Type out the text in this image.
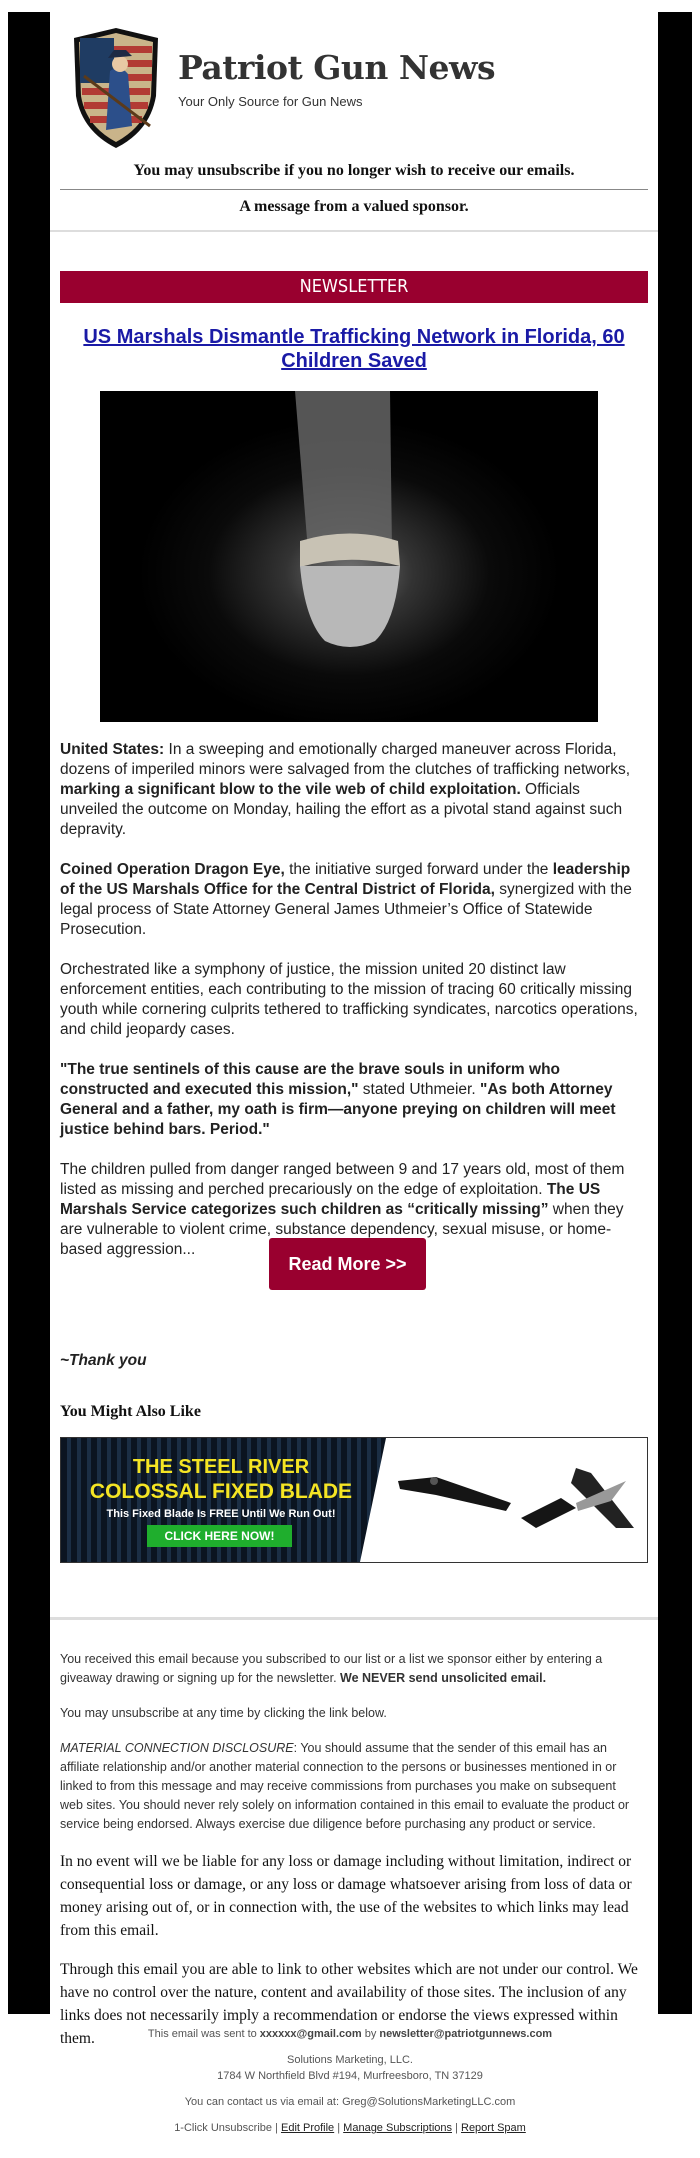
Patriot Gun News
Your Only Source for Gun News
You may unsubscribe if you no longer wish to receive our emails.
A message from a valued sponsor.
NEWSLETTER
US Marshals Dismantle Trafficking Network in Florida, 60 Children Saved

United States: In a sweeping and emotionally charged maneuver across Florida, dozens of imperiled minors were salvaged from the clutches of trafficking networks, marking a significant blow to the vile web of child exploitation. Officials unveiled the outcome on Monday, hailing the effort as a pivotal stand against such depravity.

Coined Operation Dragon Eye, the initiative surged forward under the leadership of the US Marshals Office for the Central District of Florida, synergized with the legal process of State Attorney General James Uthmeier’s Office of Statewide Prosecution.

Orchestrated like a symphony of justice, the mission united 20 distinct law enforcement entities, each contributing to the mission of tracing 60 critically missing youth while cornering culprits tethered to trafficking syndicates, narcotics operations, and child jeopardy cases.

"The true sentinels of this cause are the brave souls in uniform who constructed and executed this mission," stated Uthmeier. "As both Attorney General and a father, my oath is firm—anyone preying on children will meet justice behind bars. Period."

The children pulled from danger ranged between 9 and 17 years old, most of them listed as missing and perched precariously on the edge of exploitation. The US Marshals Service categorizes such children as “critically missing” when they are vulnerable to violent crime, substance dependency, sexual misuse, or home-based aggression...

Read More >>
~Thank you
You Might Also Like
THE STEEL RIVER
COLOSSAL FIXED BLADE
This Fixed Blade Is FREE Until We Run Out!
CLICK HERE NOW!

You received this email because you subscribed to our list or a list we sponsor either by entering a giveaway drawing or signing up for the newsletter. We NEVER send unsolicited email.

You may unsubscribe at any time by clicking the link below.

MATERIAL CONNECTION DISCLOSURE: You should assume that the sender of this email has an affiliate relationship and/or another material connection to the persons or businesses mentioned in or linked to from this message and may receive commissions from purchases you make on subsequent web sites. You should never rely solely on information contained in this email to evaluate the product or service being endorsed. Always exercise due diligence before purchasing any product or service.

In no event will we be liable for any loss or damage including without limitation, indirect or consequential loss or damage, or any loss or damage whatsoever arising from loss of data or money arising out of, or in connection with, the use of the websites to which links may lead from this email.

Through this email you are able to link to other websites which are not under our control. We have no control over the nature, content and availability of those sites. The inclusion of any links does not necessarily imply a recommendation or endorse the views expressed within them.	This email was sent to xxxxxx@gmail.com by newsletter@patriotgunnews.com

Solutions Marketing, LLC.
1784 W Northfield Blvd #194, Murfreesboro, TN 37129

You can contact us via email at: Greg@SolutionsMarketingLLC.com

1-Click Unsubscribe | Edit Profile | Manage Subscriptions | Report Spam
